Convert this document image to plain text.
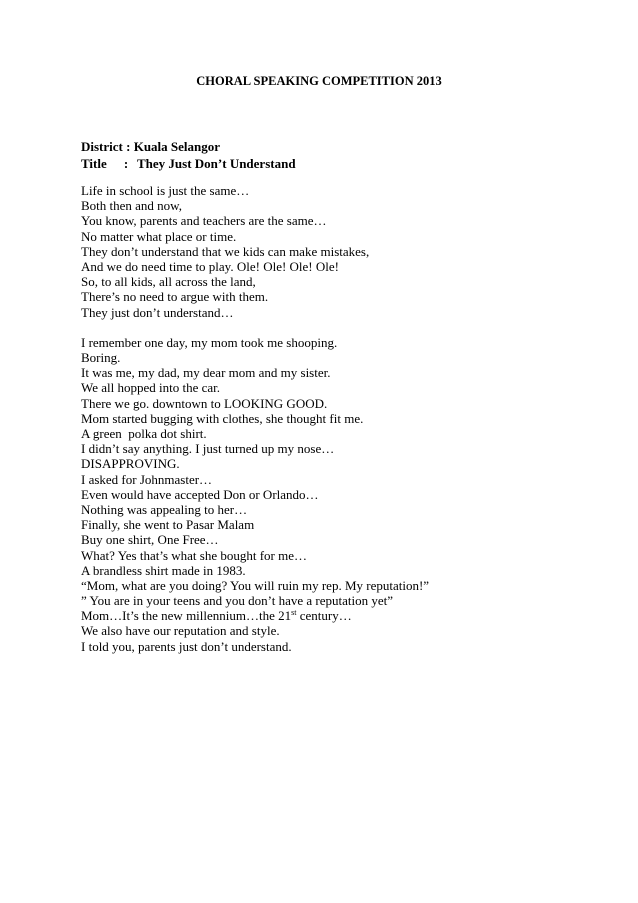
CHORAL SPEAKING COMPETITION 2013
District : Kuala Selangor
Title : They Just Don’t Understand
Life in school is just the same…
Both then and now,
You know, parents and teachers are the same…
No matter what place or time.
They don’t understand that we kids can make mistakes,
And we do need time to play. Ole! Ole! Ole! Ole!
So, to all kids, all across the land,
There’s no need to argue with them.
They just don’t understand…
I remember one day, my mom took me shooping.
Boring.
It was me, my dad, my dear mom and my sister.
We all hopped into the car.
There we go. downtown to LOOKING GOOD.
Mom started bugging with clothes, she thought fit me.
A green  polka dot shirt.
I didn’t say anything. I just turned up my nose…
DISAPPROVING.
I asked for Johnmaster…
Even would have accepted Don or Orlando…
Nothing was appealing to her…
Finally, she went to Pasar Malam
Buy one shirt, One Free…
What? Yes that’s what she bought for me…
A brandless shirt made in 1983.
“Mom, what are you doing? You will ruin my rep. My reputation!”
” You are in your teens and you don’t have a reputation yet”
Mom…It’s the new millennium…the 21st century…
We also have our reputation and style.
I told you, parents just don’t understand.
